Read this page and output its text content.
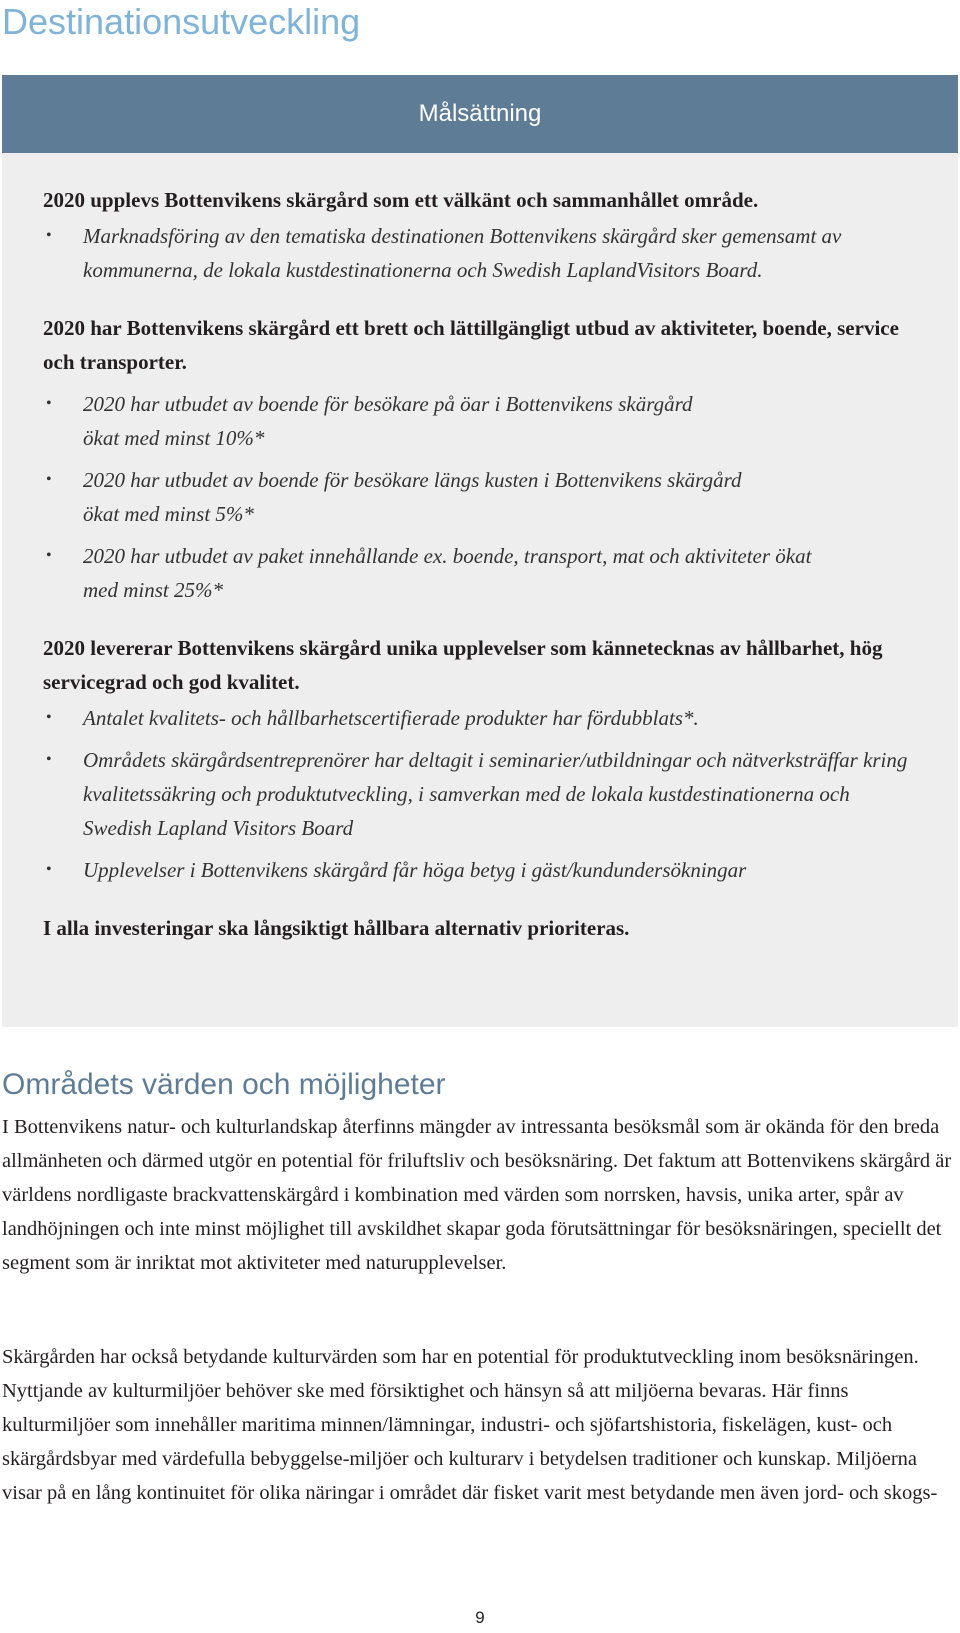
Destinationsutveckling
Målsättning

2020 upplevs Bottenvikens skärgård som ett välkänt och sammanhållet område.

• Marknadsföring av den tematiska destinationen Bottenvikens skärgård sker gemensamt av kommunerna, de lokala kustdestinationerna och Swedish LaplandVisitors Board.

2020 har Bottenvikens skärgård ett brett och lättillgängligt utbud av aktiviteter, boende, service och transporter.

• 2020 har utbudet av boende för besökare på öar i Bottenvikens skärgård ökat med minst 10%*
• 2020 har utbudet av boende för besökare längs kusten i Bottenvikens skärgård ökat med minst 5%*
• 2020 har utbudet av paket innehållande ex. boende, transport, mat och aktiviteter ökat med minst 25%*

2020 levererar Bottenvikens skärgård unika upplevelser som kännetecknas av hållbarhet, hög servicegrad och god kvalitet.

• Antalet kvalitets- och hållbarhetscertifierade produkter har fördubblats*.
• Områdets skärgårdsentreprenörer har deltagit i seminarier/utbildningar och nätverksträffar kring kvalitetssäkring och produktutveckling, i samverkan med de lokala kustdestinationerna och Swedish Lapland Visitors Board
• Upplevelser i Bottenvikens skärgård får höga betyg i gäst/kundundersökningar

I alla investeringar ska långsiktigt hållbara alternativ prioriteras.

Områdets värden och möjligheter

I Bottenvikens natur- och kulturlandskap återfinns mängder av intressanta besöksmål som är okända för den breda allmänheten och därmed utgör en potential för friluftsliv och besöksnäring. Det faktum att Bottenvikens skärgård är världens nordligaste brackvattenskärgård i kombination med värden som norrsken, havsis, unika arter, spår av landhöjningen och inte minst möjlighet till avskildhet skapar goda förutsättningar för besöksnäringen, speciellt det segment som är inriktat mot aktiviteter med naturupplevelser.

Skärgården har också betydande kulturvärden som har en potential för produktutveckling inom besöksnäringen. Nyttjande av kulturmiljöer behöver ske med försiktighet och hänsyn så att miljöerna bevaras. Här finns kulturmiljöer som innehåller maritima minnen/lämningar, industri- och sjöfartshistoria, fiskelägen, kust- och skärgårdsbyar med värdefulla bebyggelse-miljöer och kulturarv i betydelsen traditioner och kunskap. Miljöerna visar på en lång kontinuitet för olika näringar i området där fisket varit mest betydande men även jord- och skogs-

9
